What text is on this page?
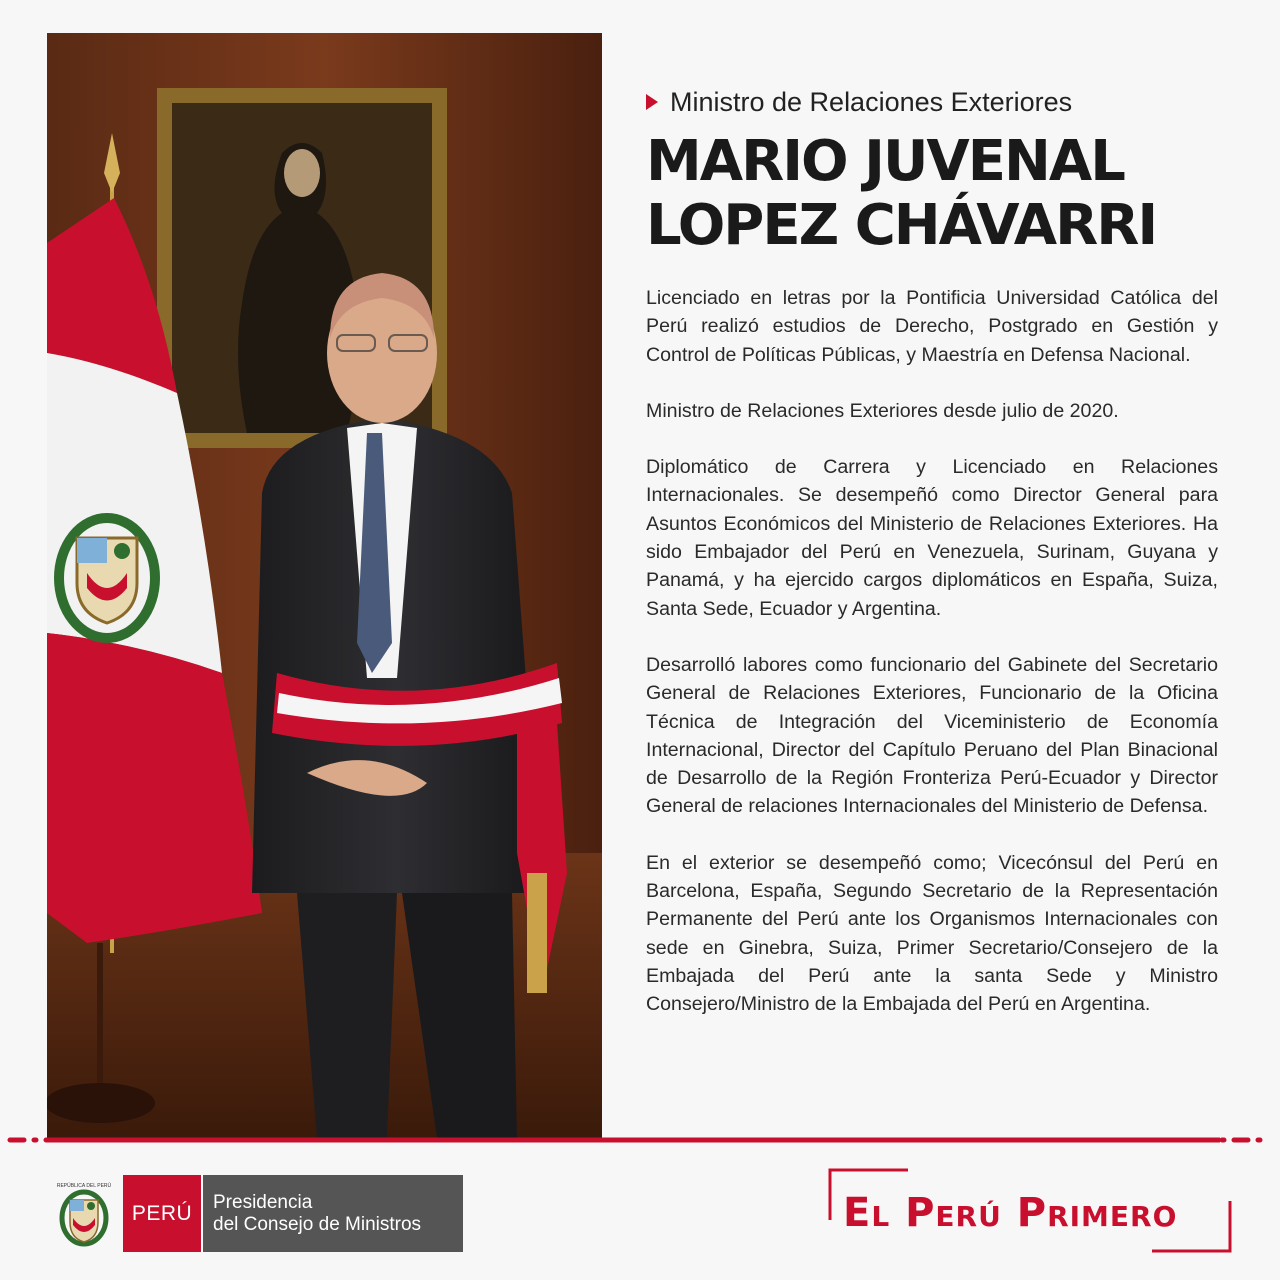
Ministro de Relaciones Exteriores
MARIO JUVENAL
LOPEZ CHÁVARRI

Licenciado en letras por la Pontificia Universidad Católica del Perú realizó estudios de Derecho, Postgrado en Gestión y Control de Políticas Públicas, y Maestría en Defensa Nacional.

Ministro de Relaciones Exteriores desde julio de 2020.

Diplomático de Carrera y Licenciado en Relaciones Internacionales. Se desempeñó como Director General para Asuntos Económicos del Ministerio de Relaciones Exteriores. Ha sido Embajador del Perú en Venezuela, Surinam, Guyana y Panamá, y ha ejercido cargos diplomáticos en España, Suiza, Santa Sede, Ecuador y Argentina.

Desarrolló labores como funcionario del Gabinete del Secretario General de Relaciones Exteriores, Funcionario de la Oficina Técnica de Integración del Viceministerio de Economía Internacional, Director del Capítulo Peruano del Plan Binacional de Desarrollo de la Región Fronteriza Perú-Ecuador y Director General de relaciones Internacionales del Ministerio de Defensa.

En el exterior se desempeñó como; Vicecónsul del Perú en Barcelona, España, Segundo Secretario de la Representación Permanente del Perú ante los Organismos Internacionales con sede en Ginebra, Suiza, Primer Secretario/Consejero de la Embajada del Perú ante la santa Sede y Ministro Consejero/Ministro de la Embajada del Perú en Argentina.

REPÚBLICA DEL PERÚ
PERÚ Presidencia
del Consejo de Ministros	El Perú Primero
